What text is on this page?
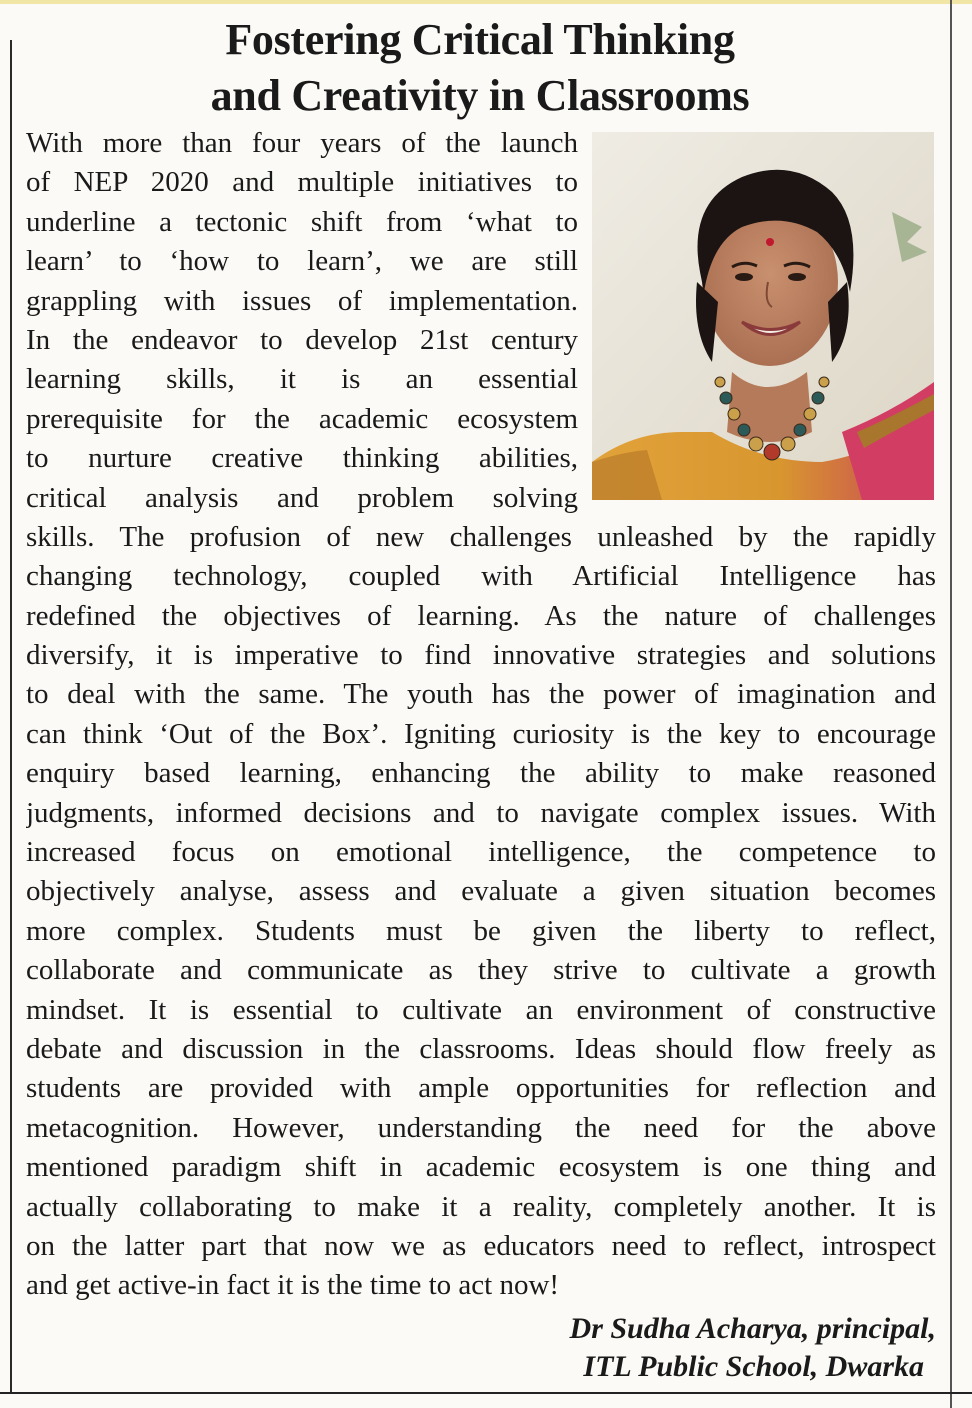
Fostering Critical Thinking
and Creativity in Classrooms
With more than four years of the launch
of NEP 2020 and multiple initiatives to
underline a tectonic shift from ‘what to
learn’ to ‘how to learn’, we are still
grappling with issues of implementation.
In the endeavor to develop 21st century
learning skills, it is an essential
prerequisite for the academic ecosystem
to nurture creative thinking abilities,
critical analysis and problem solving
skills. The profusion of new challenges unleashed by the rapidly
changing technology, coupled with Artificial Intelligence has
redefined the objectives of learning. As the nature of challenges
diversify, it is imperative to find innovative strategies and solutions
to deal with the same. The youth has the power of imagination and
can think ‘Out of the Box’. Igniting curiosity is the key to encourage
enquiry based learning, enhancing the ability to make reasoned
judgments, informed decisions and to navigate complex issues. With
increased focus on emotional intelligence, the competence to
objectively analyse, assess and evaluate a given situation becomes
more complex. Students must be given the liberty to reflect,
collaborate and communicate as they strive to cultivate a growth
mindset. It is essential to cultivate an environment of constructive
debate and discussion in the classrooms. Ideas should flow freely as
students are provided with ample opportunities for reflection and
metacognition. However, understanding the need for the above
mentioned paradigm shift in academic ecosystem is one thing and
actually collaborating to make it a reality, completely another. It is
on the latter part that now we as educators need to reflect, introspect
and get active-in fact it is the time to act now!
Dr Sudha Acharya, principal,
ITL Public School, Dwarka
